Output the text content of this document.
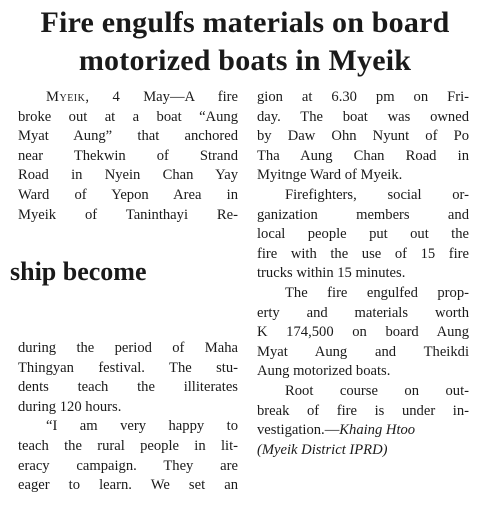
Fire engulfs materials on board
motorized boats in Myeik
Myeik, 4 May—A fire
broke out at a boat “Aung
Myat Aung” that anchored
near Thekwin of Strand
Road in Nyein Chan Yay
Ward of Yepon Area in
Myeik of Taninthayi Re-
gion at 6.30 pm on Fri-
day. The boat was owned
by Daw Ohn Nyunt of Po
Tha Aung Chan Road in
Myitnge Ward of Myeik.
Firefighters, social or-
ganization members and
local people put out the
fire with the use of 15 fire
trucks within 15 minutes.
The fire engulfed prop-
erty and materials worth
K 174,500 on board Aung
Myat Aung and Theikdi
Aung motorized boats.
Root course on out-
break of fire is under in-
vestigation.—Khaing Htoo
(Myeik District IPRD)
ship become
during the period of Maha
Thingyan festival. The stu-
dents teach the illiterates
during 120 hours.
“I am very happy to
teach the rural people in lit-
eracy campaign. They are
eager to learn. We set an
